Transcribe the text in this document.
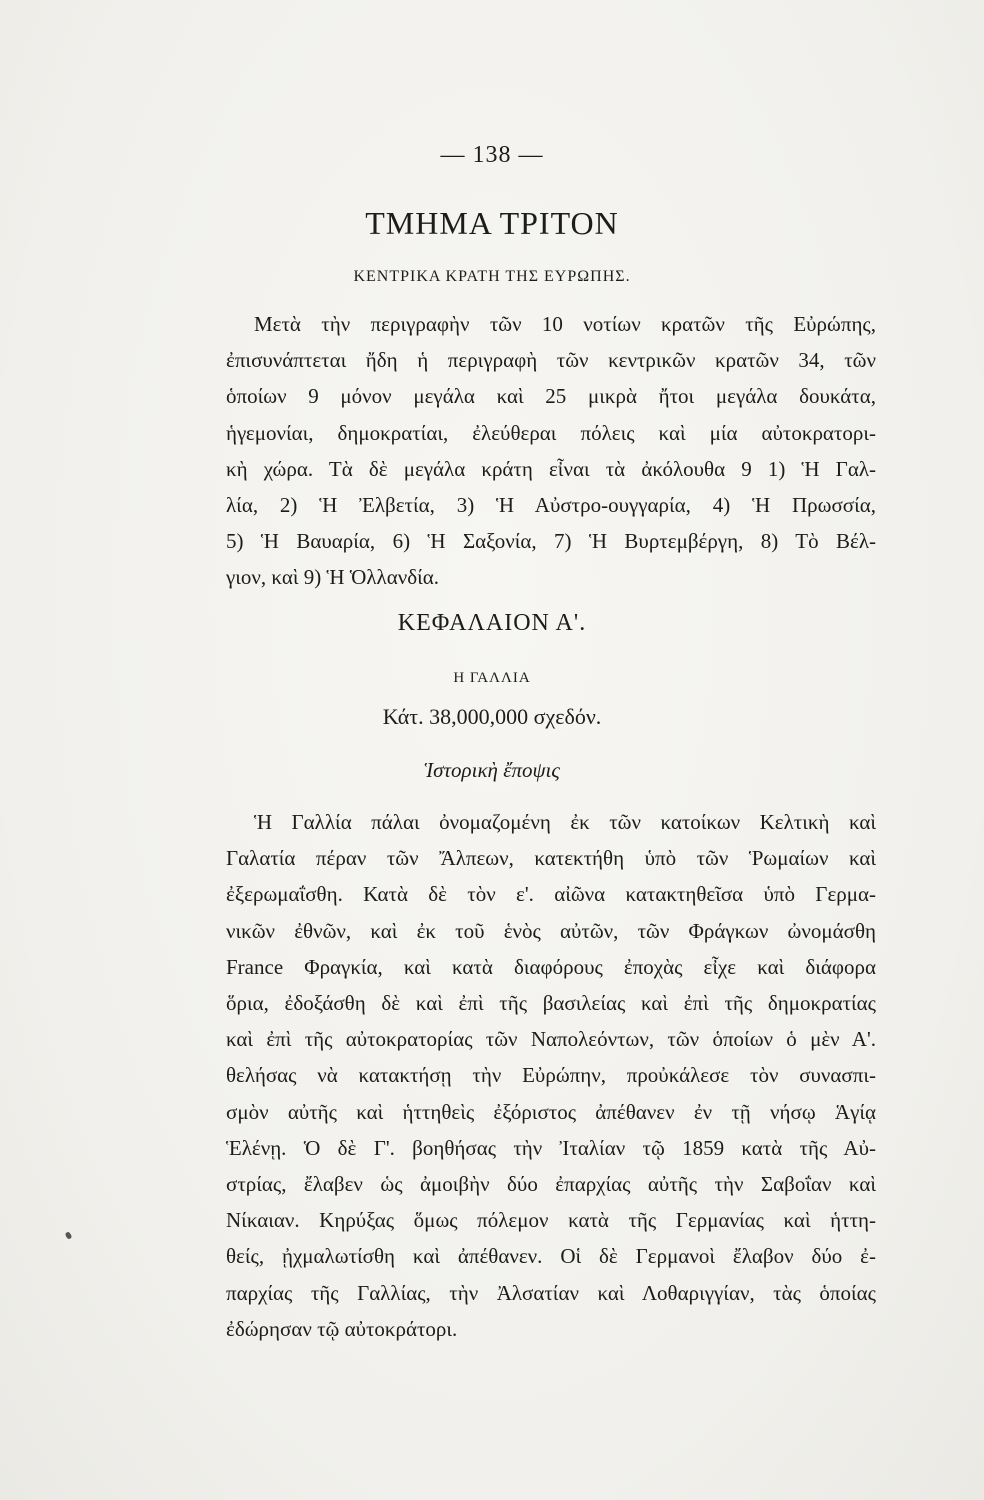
— 138 —
ΤΜΗΜΑ ΤΡΙΤΟΝ
ΚΕΝΤΡΙΚΑ ΚΡΑΤΗ ΤΗΣ ΕΥΡΩΠΗΣ.
Μετὰ τὴν περιγραφὴν τῶν 10 νοτίων κρατῶν τῆς Εὐρώπης,
ἐπισυνάπτεται ἤδη ἡ περιγραφὴ τῶν κεντρικῶν κρατῶν 34, τῶν
ὁποίων 9 μόνον μεγάλα καὶ 25 μικρὰ ἤτοι μεγάλα δουκάτα,
ἡγεμονίαι, δημοκρατίαι, ἐλεύθεραι πόλεις καὶ μία αὐτοκρατορι-
κὴ χώρα. Τὰ δὲ μεγάλα κράτη εἶναι τὰ ἀκόλουθα 9 1) Ἡ Γαλ-
λία, 2) Ἡ Ἐλβετία, 3) Ἡ Αὐστρο-ουγγαρία, 4) Ἡ Πρωσσία,
5) Ἡ Βαυαρία, 6) Ἡ Σαξονία, 7) Ἡ Βυρτεμβέργη, 8) Τὸ Βέλ-
γιον, καὶ 9) Ἡ Ὁλλανδία.
ΚΕΦΑΛΑΙΟΝ Α'.
Η ΓΑΛΛΙΑ
Κάτ. 38,000,000 σχεδόν.
Ἱστορικὴ ἔποψις
Ἡ Γαλλία πάλαι ὀνομαζομένη ἐκ τῶν κατοίκων Κελτικὴ καὶ
Γαλατία πέραν τῶν Ἄλπεων, κατεκτήθη ὑπὸ τῶν Ῥωμαίων καὶ
ἐξερωμαΐσθη. Κατὰ δὲ τὸν ε'. αἰῶνα κατακτηθεῖσα ὑπὸ Γερμα-
νικῶν ἐθνῶν, καὶ ἐκ τοῦ ἑνὸς αὐτῶν, τῶν Φράγκων ὠνομάσθη
France Φραγκία, καὶ κατὰ διαφόρους ἐποχὰς εἶχε καὶ διάφορα
ὅρια, ἐδοξάσθη δὲ καὶ ἐπὶ τῆς βασιλείας καὶ ἐπὶ τῆς δημοκρατίας
καὶ ἐπὶ τῆς αὐτοκρατορίας τῶν Ναπολεόντων, τῶν ὁποίων ὁ μὲν Α'.
θελήσας νὰ κατακτήσῃ τὴν Εὐρώπην, προὐκάλεσε τὸν συνασπι-
σμὸν αὐτῆς καὶ ἡττηθεὶς ἐξόριστος ἀπέθανεν ἐν τῇ νήσῳ Ἁγίᾳ
Ἑλένῃ. Ὁ δὲ Γ'. βοηθήσας τὴν Ἰταλίαν τῷ 1859 κατὰ τῆς Αὐ-
στρίας, ἔλαβεν ὡς ἀμοιβὴν δύο ἐπαρχίας αὐτῆς τὴν Σαβοΐαν καὶ
Νίκαιαν. Κηρύξας ὅμως πόλεμον κατὰ τῆς Γερμανίας καὶ ἡττη-
θείς, ᾐχμαλωτίσθη καὶ ἀπέθανεν. Οἱ δὲ Γερμανοὶ ἔλαβον δύο ἐ-
παρχίας τῆς Γαλλίας, τὴν Ἀλσατίαν καὶ Λοθαριγγίαν, τὰς ὁποίας
ἐδώρησαν τῷ αὐτοκράτορι.
